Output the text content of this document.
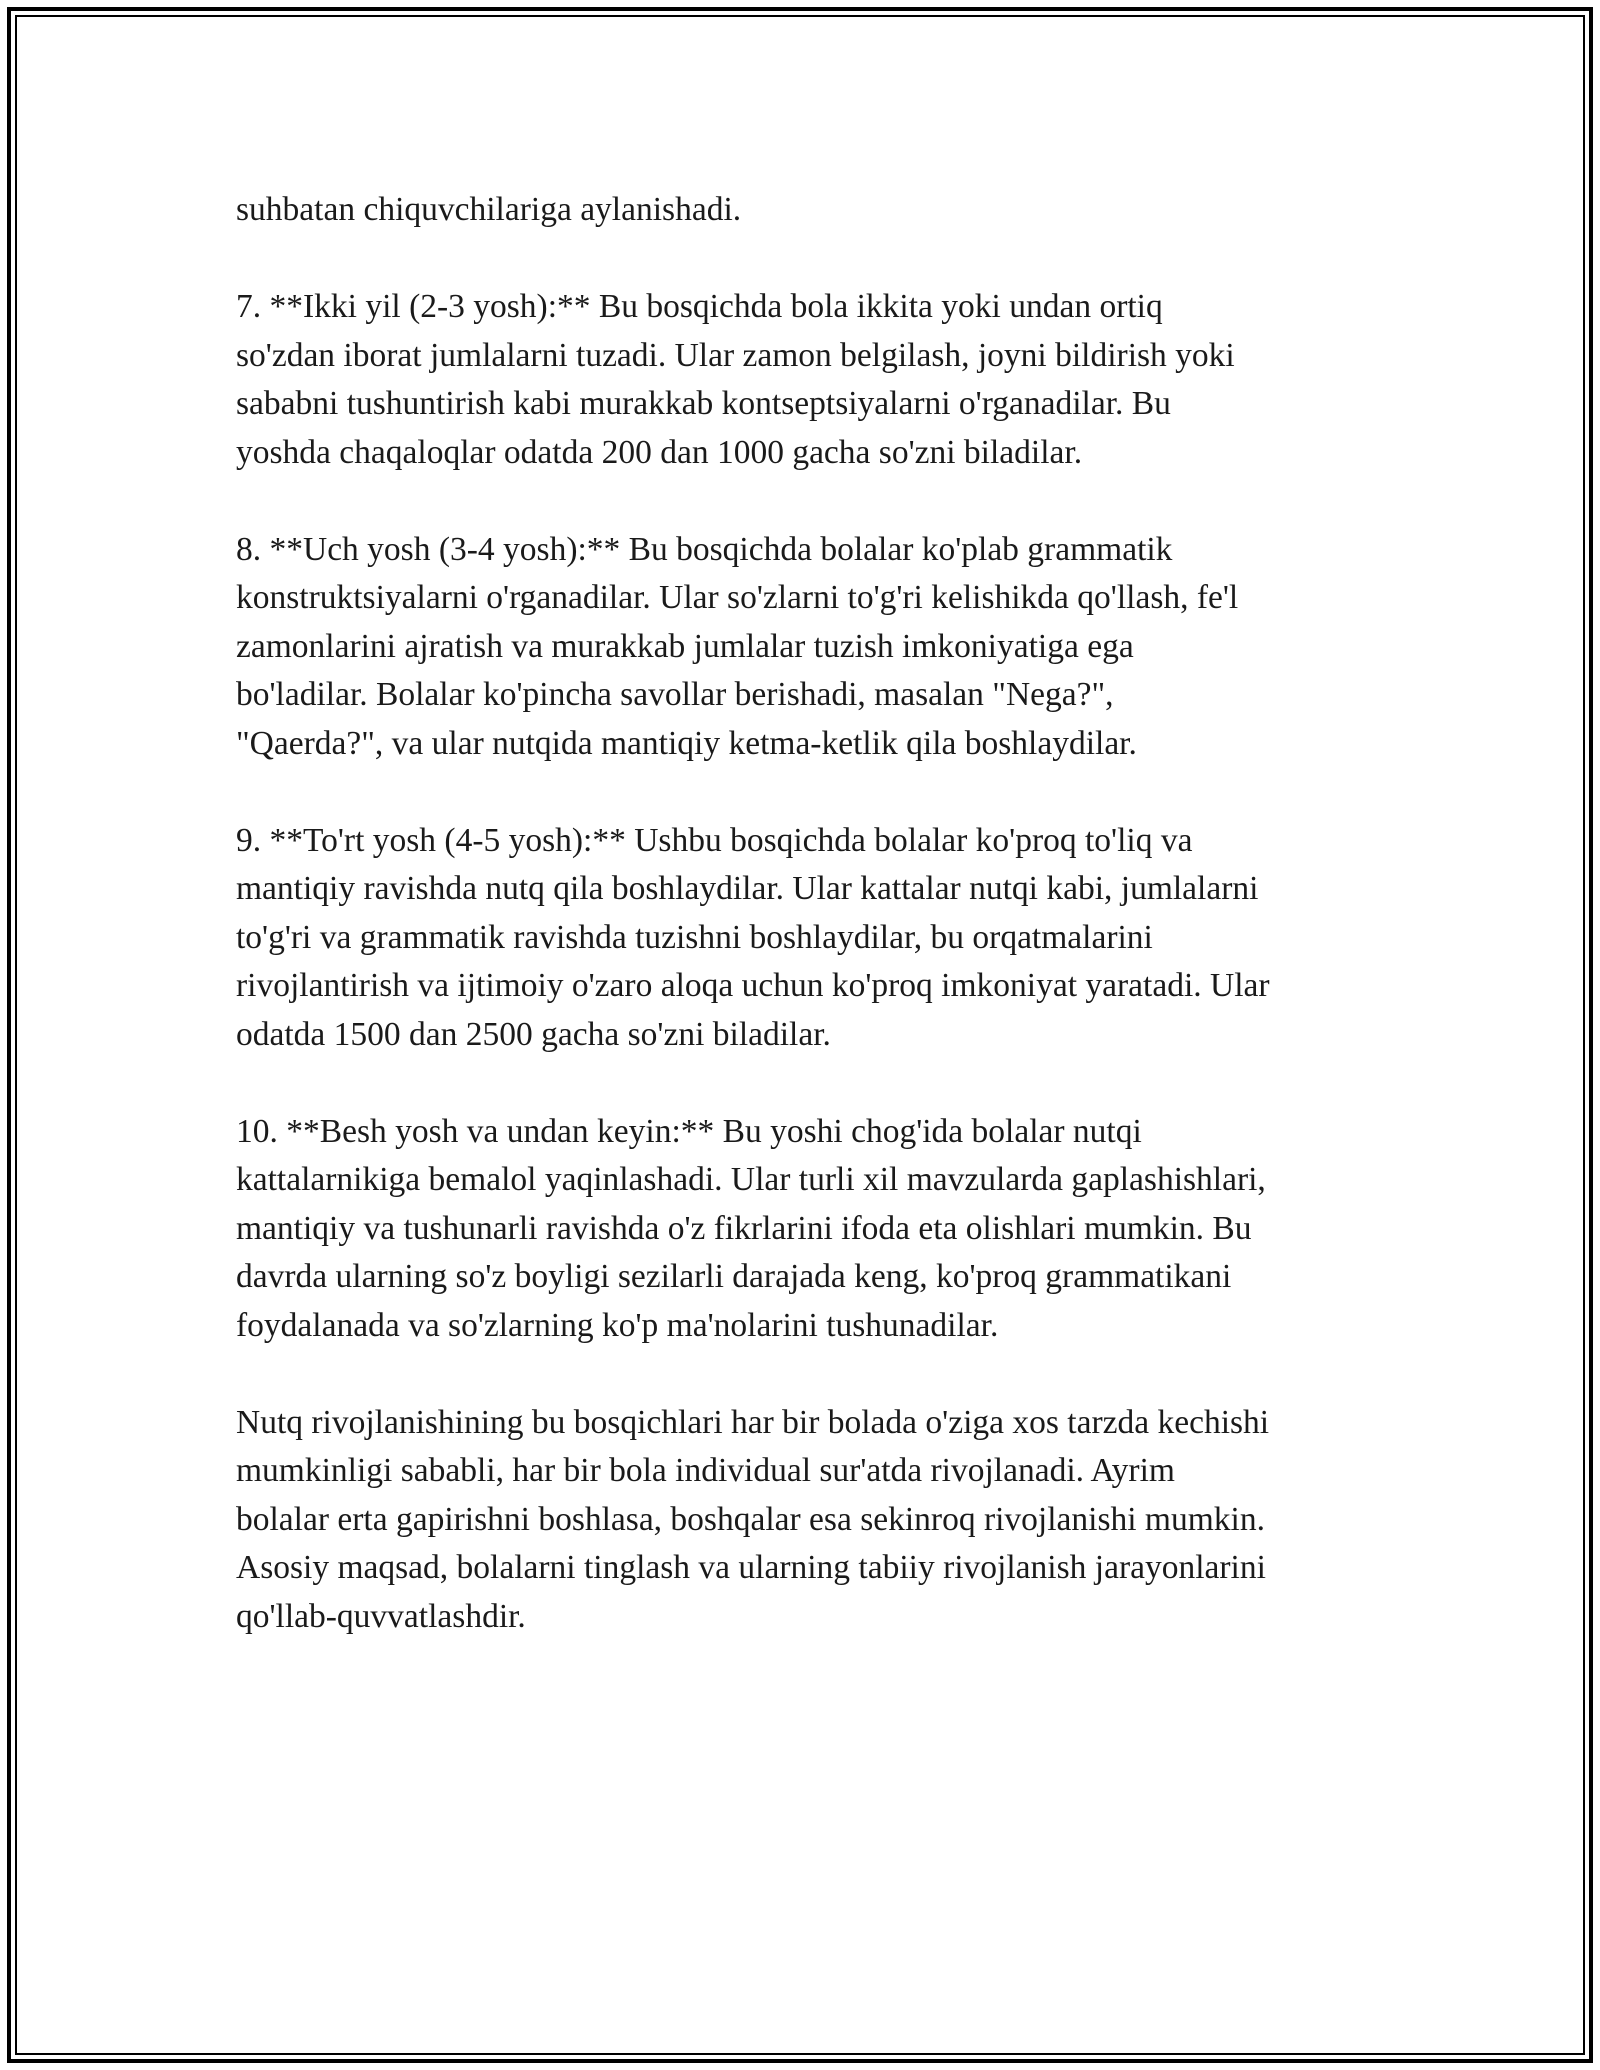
suhbatan chiquvchilariga aylanishadi.

7. **Ikki yil (2-3 yosh):** Bu bosqichda bola ikkita yoki undan ortiq
so'zdan iborat jumlalarni tuzadi. Ular zamon belgilash, joyni bildirish yoki
sababni tushuntirish kabi murakkab kontseptsiyalarni o'rganadilar. Bu
yoshda chaqaloqlar odatda 200 dan 1000 gacha so'zni biladilar.

8. **Uch yosh (3-4 yosh):** Bu bosqichda bolalar ko'plab grammatik
konstruktsiyalarni o'rganadilar. Ular so'zlarni to'g'ri kelishikda qo'llash, fe'l
zamonlarini ajratish va murakkab jumlalar tuzish imkoniyatiga ega
bo'ladilar. Bolalar ko'pincha savollar berishadi, masalan "Nega?",
"Qaerda?", va ular nutqida mantiqiy ketma-ketlik qila boshlaydilar.

9. **To'rt yosh (4-5 yosh):** Ushbu bosqichda bolalar ko'proq to'liq va
mantiqiy ravishda nutq qila boshlaydilar. Ular kattalar nutqi kabi, jumlalarni
to'g'ri va grammatik ravishda tuzishni boshlaydilar, bu orqatmalarini
rivojlantirish va ijtimoiy o'zaro aloqa uchun ko'proq imkoniyat yaratadi. Ular
odatda 1500 dan 2500 gacha so'zni biladilar.

10. **Besh yosh va undan keyin:** Bu yoshi chog'ida bolalar nutqi
kattalarnikiga bemalol yaqinlashadi. Ular turli xil mavzularda gaplashishlari,
mantiqiy va tushunarli ravishda o'z fikrlarini ifoda eta olishlari mumkin. Bu
davrda ularning so'z boyligi sezilarli darajada keng, ko'proq grammatikani
foydalanada va so'zlarning ko'p ma'nolarini tushunadilar.

Nutq rivojlanishining bu bosqichlari har bir bolada o'ziga xos tarzda kechishi
mumkinligi sababli, har bir bola individual sur'atda rivojlanadi. Ayrim
bolalar erta gapirishni boshlasa, boshqalar esa sekinroq rivojlanishi mumkin.
Asosiy maqsad, bolalarni tinglash va ularning tabiiy rivojlanish jarayonlarini
qo'llab-quvvatlashdir.
